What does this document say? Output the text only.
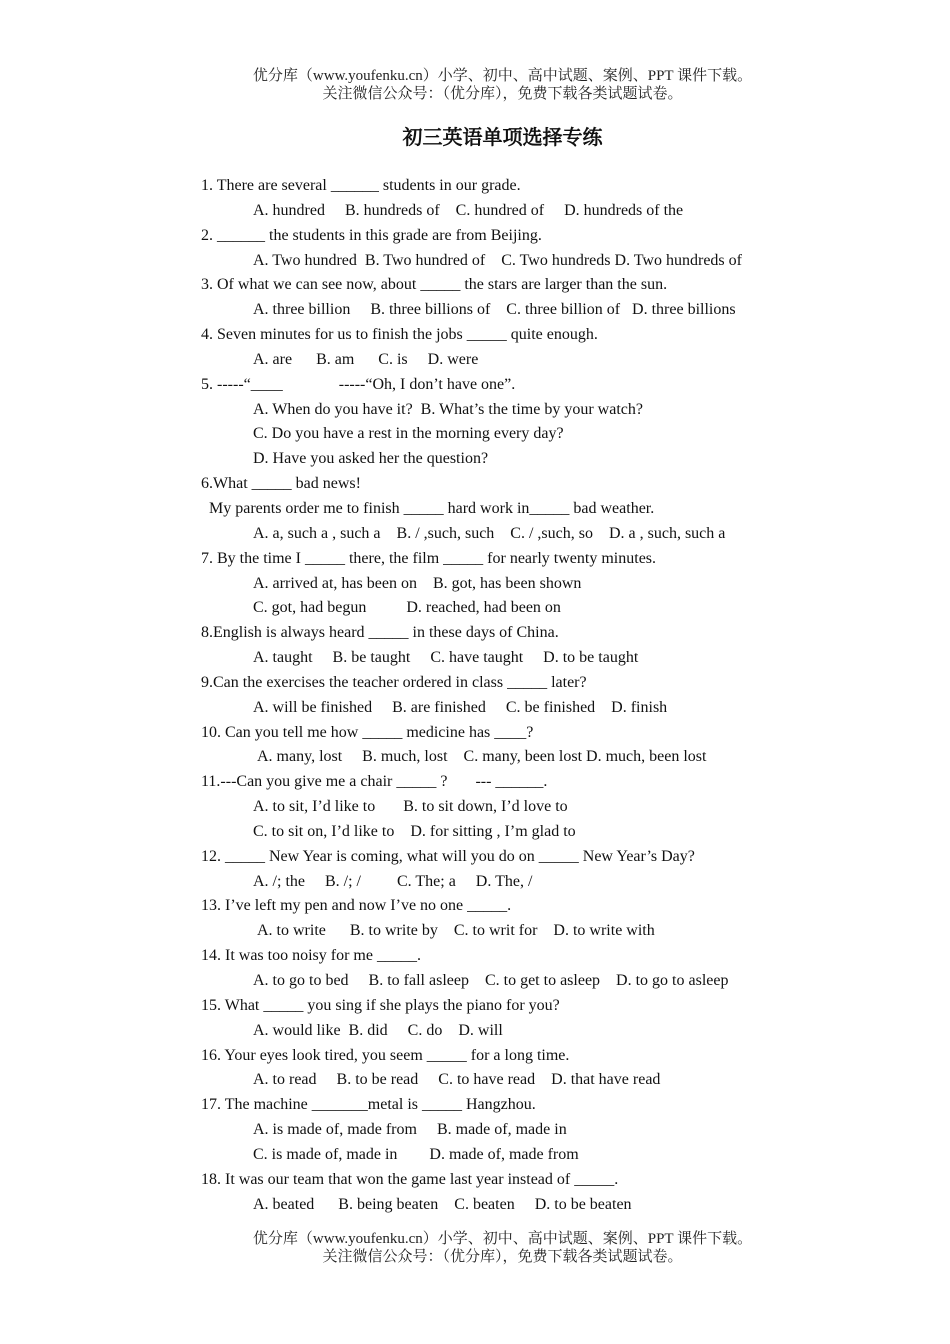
优分库（www.youfenku.cn）小学、初中、高中试题、案例、PPT 课件下载。
关注微信公众号：（优分库），免费下载各类试题试卷。
初三英语单项选择专练
1. There are several ______ students in our grade.
A. hundred     B. hundreds of    C. hundred of     D. hundreds of the
2. ______ the students in this grade are from Beijing.
A. Two hundred  B. Two hundred of    C. Two hundreds D. Two hundreds of
3. Of what we can see now, about _____ the stars are larger than the sun.
A. three billion     B. three billions of    C. three billion of   D. three billions
4. Seven minutes for us to finish the jobs _____ quite enough.
A. are      B. am      C. is     D. were
5. -----“____              -----“Oh, I don’t have one”.
A. When do you have it?  B. What’s the time by your watch?
C. Do you have a rest in the morning every day?
D. Have you asked her the question?
6.What _____ bad news!
My parents order me to finish _____ hard work in_____ bad weather.
A. a, such a , such a    B. / ,such, such    C. / ,such, so    D. a , such, such a
7. By the time I _____ there, the film _____ for nearly twenty minutes.
A. arrived at, has been on    B. got, has been shown
C. got, had begun          D. reached, had been on
8.English is always heard _____ in these days of China.
A. taught     B. be taught     C. have taught     D. to be taught
9.Can the exercises the teacher ordered in class _____ later?
A. will be finished     B. are finished     C. be finished    D. finish
10. Can you tell me how _____ medicine has ____?
A. many, lost     B. much, lost    C. many, been lost D. much, been lost
11.---Can you give me a chair _____ ?       --- ______.
A. to sit, I’d like to       B. to sit down, I’d love to
C. to sit on, I’d like to    D. for sitting , I’m glad to
12. _____ New Year is coming, what will you do on _____ New Year’s Day?
A. /; the     B. /; /         C. The; a     D. The, /
13. I’ve left my pen and now I’ve no one _____.
A. to write      B. to write by    C. to writ for    D. to write with
14. It was too noisy for me _____.
A. to go to bed     B. to fall asleep    C. to get to asleep    D. to go to asleep
15. What _____ you sing if she plays the piano for you?
A. would like  B. did     C. do    D. will
16. Your eyes look tired, you seem _____ for a long time.
A. to read     B. to be read     C. to have read    D. that have read
17. The machine _______metal is _____ Hangzhou.
A. is made of, made from     B. made of, made in
C. is made of, made in        D. made of, made from
18. It was our team that won the game last year instead of _____.
A. beated      B. being beaten    C. beaten     D. to be beaten
优分库（www.youfenku.cn）小学、初中、高中试题、案例、PPT 课件下载。
关注微信公众号：（优分库），免费下载各类试题试卷。
